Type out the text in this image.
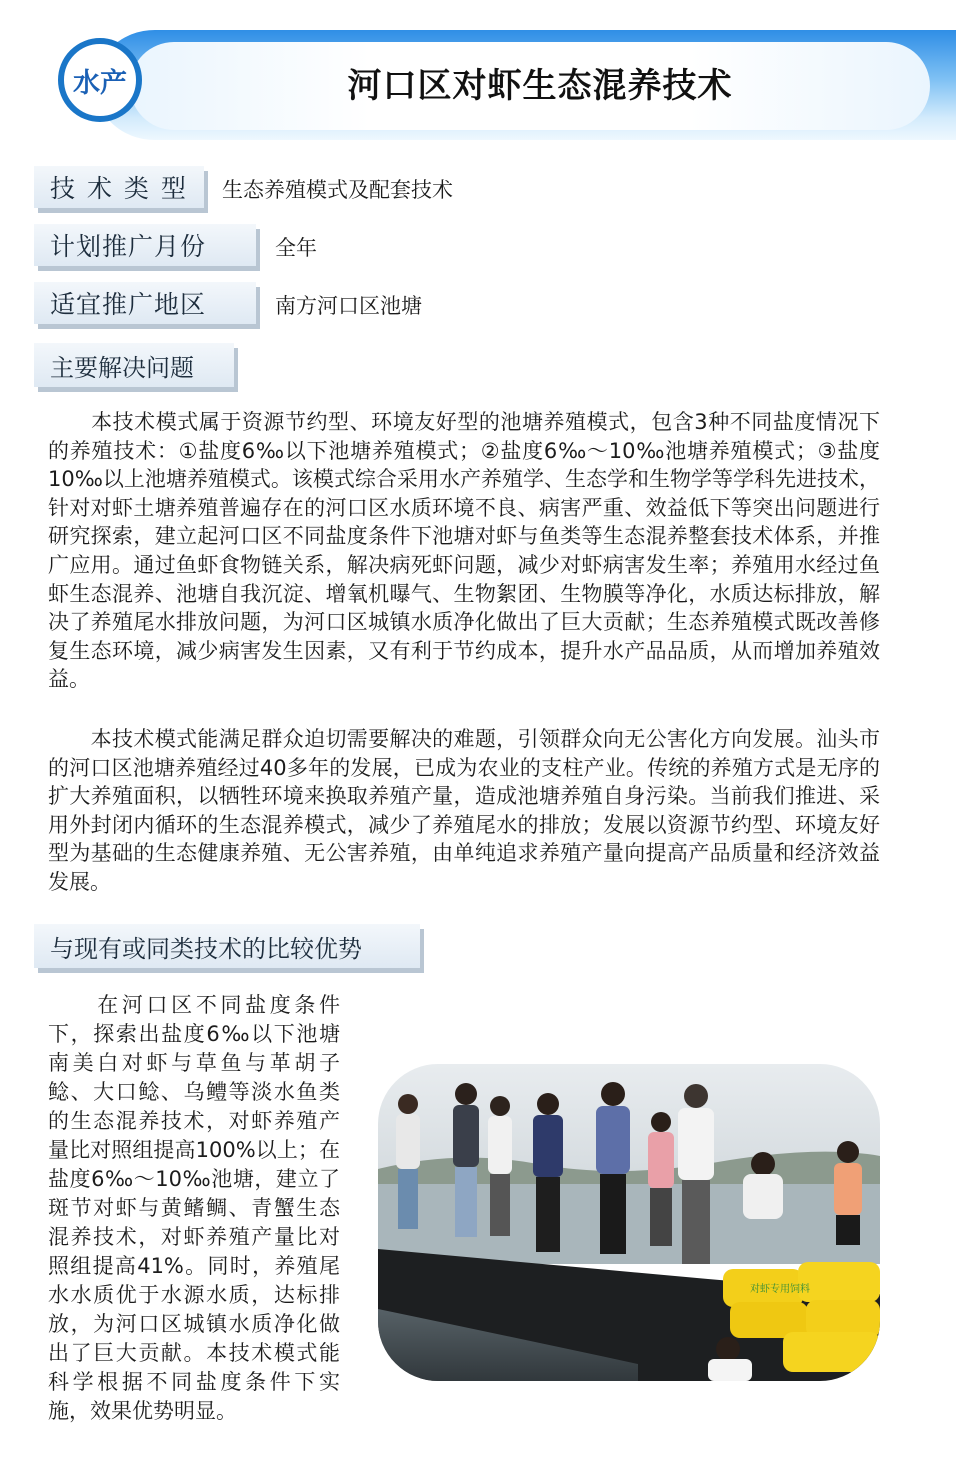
水产	河口区对虾生态混养技术
技 术 类 型	生态养殖模式及配套技术
计划推广月份	全年
适宜推广地区	南方河口区池塘
主要解决问题

　　本技术模式属于资源节约型、环境友好型的池塘养殖模式，包含3种不同盐度情况下的养殖技术：①盐度6‰以下池塘养殖模式；②盐度6‰～10‰池塘养殖模式；③盐度10‰以上池塘养殖模式。该模式综合采用水产养殖学、生态学和生物学等学科先进技术，针对对虾土塘养殖普遍存在的河口区水质环境不良、病害严重、效益低下等突出问题进行研究探索，建立起河口区不同盐度条件下池塘对虾与鱼类等生态混养整套技术体系，并推广应用。通过鱼虾食物链关系，解决病死虾问题，减少对虾病害发生率；养殖用水经过鱼虾生态混养、池塘自我沉淀、增氧机曝气、生物絮团、生物膜等净化，水质达标排放，解决了养殖尾水排放问题，为河口区城镇水质净化做出了巨大贡献；生态养殖模式既改善修复生态环境，减少病害发生因素，又有利于节约成本，提升水产品品质，从而增加养殖效益。

　　本技术模式能满足群众迫切需要解决的难题，引领群众向无公害化方向发展。汕头市的河口区池塘养殖经过40多年的发展，已成为农业的支柱产业。传统的养殖方式是无序的扩大养殖面积，以牺牲环境来换取养殖产量，造成池塘养殖自身污染。当前我们推进、采用外封闭内循环的生态混养模式，减少了养殖尾水的排放；发展以资源节约型、环境友好型为基础的生态健康养殖、无公害养殖，由单纯追求养殖产量向提高产品质量和经济效益发展。

与现有或同类技术的比较优势

　　在河口区不同盐度条件下，探索出盐度6‰以下池塘南美白对虾与草鱼与革胡子鲶、大口鲶、乌鳢等淡水鱼类的生态混养技术，对虾养殖产量比对照组提高100%以上；在盐度6‰～10‰池塘，建立了斑节对虾与黄鳍鲷、青蟹生态混养技术，对虾养殖产量比对照组提高41%。同时，养殖尾水水质优于水源水质，达标排放，为河口区城镇水质净化做出了巨大贡献。本技术模式能科学根据不同盐度条件下实施，效果优势明显。

对虾专用饲料
